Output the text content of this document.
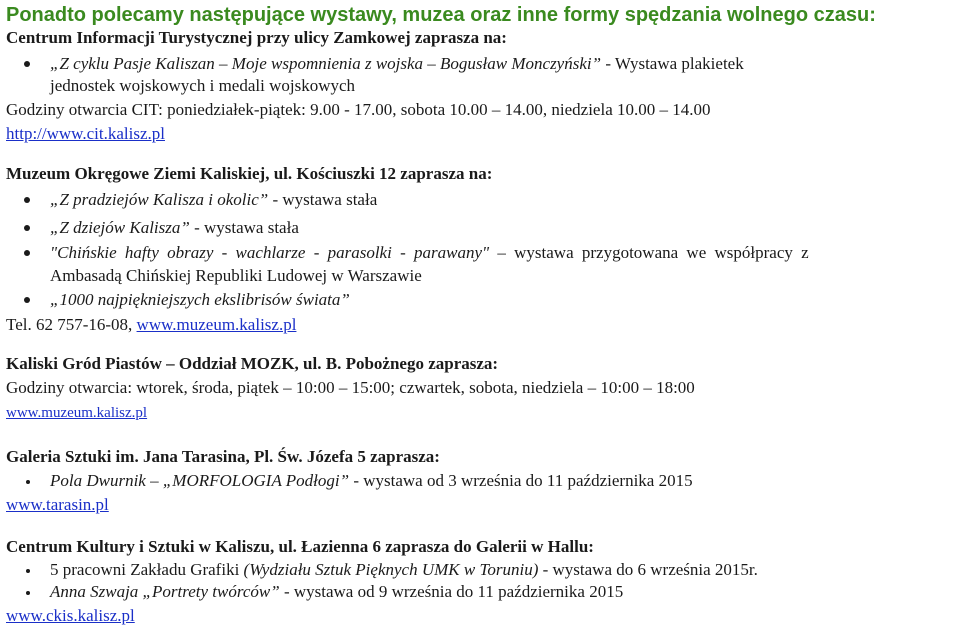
Ponadto polecamy następujące wystawy, muzea oraz inne formy spędzania wolnego czasu:
Centrum Informacji Turystycznej przy ulicy Zamkowej zaprasza na:
„Z cyklu Pasje Kaliszan – Moje wspomnienia z wojska – Bogusław Monczyński” - Wystawa plakietek
jednostek wojskowych i medali wojskowych
Godziny otwarcia CIT: poniedziałek-piątek: 9.00 - 17.00, sobota 10.00 – 14.00, niedziela 10.00 – 14.00
http://www.cit.kalisz.pl
Muzeum Okręgowe Ziemi Kaliskiej, ul. Kościuszki 12 zaprasza na:
„Z pradziejów Kalisza i okolic” - wystawa stała
„Z dziejów Kalisza” - wystawa stała
"Chińskie hafty obrazy - wachlarze - parasolki - parawany" – wystawa przygotowana we współpracy z
Ambasadą Chińskiej Republiki Ludowej w Warszawie
„1000 najpiękniejszych ekslibrisów świata”
Tel. 62 757-16-08, www.muzeum.kalisz.pl
Kaliski Gród Piastów – Oddział MOZK, ul. B. Pobożnego zaprasza:
Godziny otwarcia: wtorek, środa, piątek – 10:00 – 15:00; czwartek, sobota, niedziela – 10:00 – 18:00
www.muzeum.kalisz.pl
Galeria Sztuki im. Jana Tarasina, Pl. Św. Józefa 5 zaprasza:
Pola Dwurnik – „MORFOLOGIA Podłogi” - wystawa od 3 września do 11 października 2015
www.tarasin.pl
Centrum Kultury i Sztuki w Kaliszu, ul. Łazienna 6 zaprasza do Galerii w Hallu:
5 pracowni Zakładu Grafiki (Wydziału Sztuk Pięknych UMK w Toruniu) - wystawa do 6 września 2015r.
Anna Szwaja „Portrety twórców” - wystawa od 9 września do 11 października 2015
www.ckis.kalisz.pl
